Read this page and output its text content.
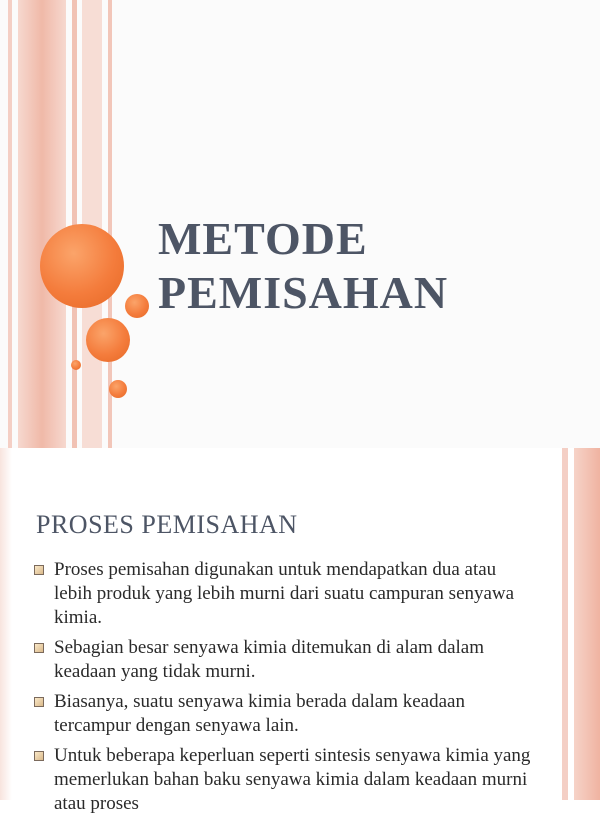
METODE
PEMISAHAN
PROSES PEMISAHAN
Proses pemisahan digunakan untuk mendapatkan dua atau lebih produk yang lebih murni dari suatu campuran senyawa kimia.
Sebagian besar senyawa kimia ditemukan di alam dalam keadaan yang tidak murni.
Biasanya, suatu senyawa kimia berada dalam keadaan tercampur dengan senyawa lain.
Untuk beberapa keperluan seperti sintesis senyawa kimia yang memerlukan bahan baku senyawa kimia dalam keadaan murni atau proses
